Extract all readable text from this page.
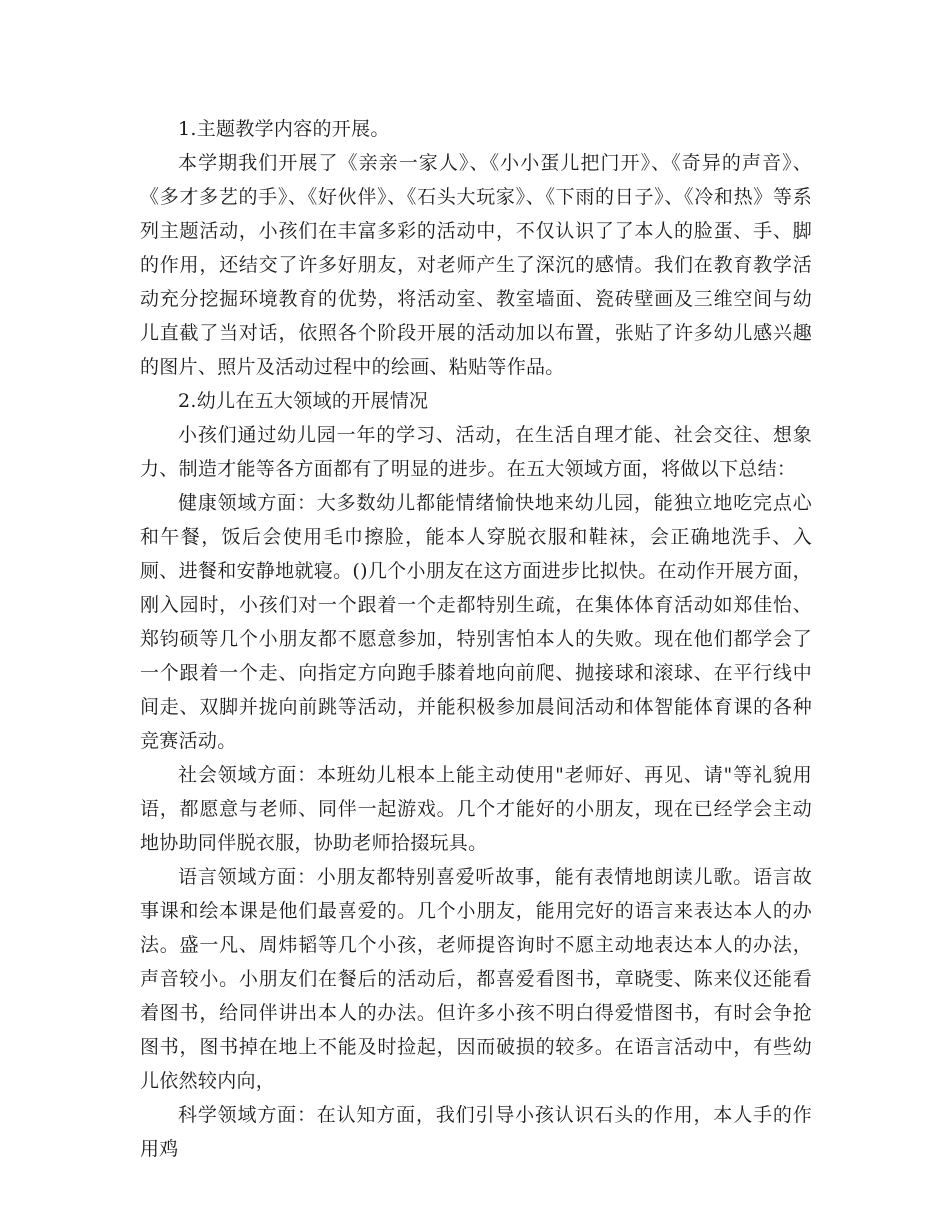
1.主题教学内容的开展。

本学期我们开展了《亲亲一家人》、《小小蛋儿把门开》、《奇异的声音》、《多才多艺的手》、《好伙伴》、《石头大玩家》、《下雨的日子》、《冷和热》等系列主题活动，小孩们在丰富多彩的活动中，不仅认识了了本人的脸蛋、手、脚的作用，还结交了许多好朋友，对老师产生了深沉的感情。我们在教育教学活动充分挖掘环境教育的优势，将活动室、教室墙面、瓷砖壁画及三维空间与幼儿直截了当对话，依照各个阶段开展的活动加以布置，张贴了许多幼儿感兴趣的图片、照片及活动过程中的绘画、粘贴等作品。

2.幼儿在五大领域的开展情况

小孩们通过幼儿园一年的学习、活动，在生活自理才能、社会交往、想象力、制造才能等各方面都有了明显的进步。在五大领域方面，将做以下总结：

健康领域方面：大多数幼儿都能情绪愉快地来幼儿园，能独立地吃完点心和午餐，饭后会使用毛巾擦脸，能本人穿脱衣服和鞋袜，会正确地洗手、入厕、进餐和安静地就寝。()几个小朋友在这方面进步比拟快。在动作开展方面，刚入园时，小孩们对一个跟着一个走都特别生疏，在集体体育活动如郑佳怡、郑钧硕等几个小朋友都不愿意参加，特别害怕本人的失败。现在他们都学会了一个跟着一个走、向指定方向跑手膝着地向前爬、抛接球和滚球、在平行线中间走、双脚并拢向前跳等活动，并能积极参加晨间活动和体智能体育课的各种竞赛活动。

社会领域方面：本班幼儿根本上能主动使用"老师好、再见、请"等礼貌用语，都愿意与老师、同伴一起游戏。几个才能好的小朋友，现在已经学会主动地协助同伴脱衣服，协助老师拾掇玩具。

语言领域方面：小朋友都特别喜爱听故事，能有表情地朗读儿歌。语言故事课和绘本课是他们最喜爱的。几个小朋友，能用完好的语言来表达本人的办法。盛一凡、周炜韬等几个小孩，老师提咨询时不愿主动地表达本人的办法，声音较小。小朋友们在餐后的活动后，都喜爱看图书，章晓雯、陈来仪还能看着图书，给同伴讲出本人的办法。但许多小孩不明白得爱惜图书，有时会争抢图书，图书掉在地上不能及时捡起，因而破损的较多。在语言活动中，有些幼儿依然较内向，

科学领域方面：在认知方面，我们引导小孩认识石头的作用，本人手的作用鸡
